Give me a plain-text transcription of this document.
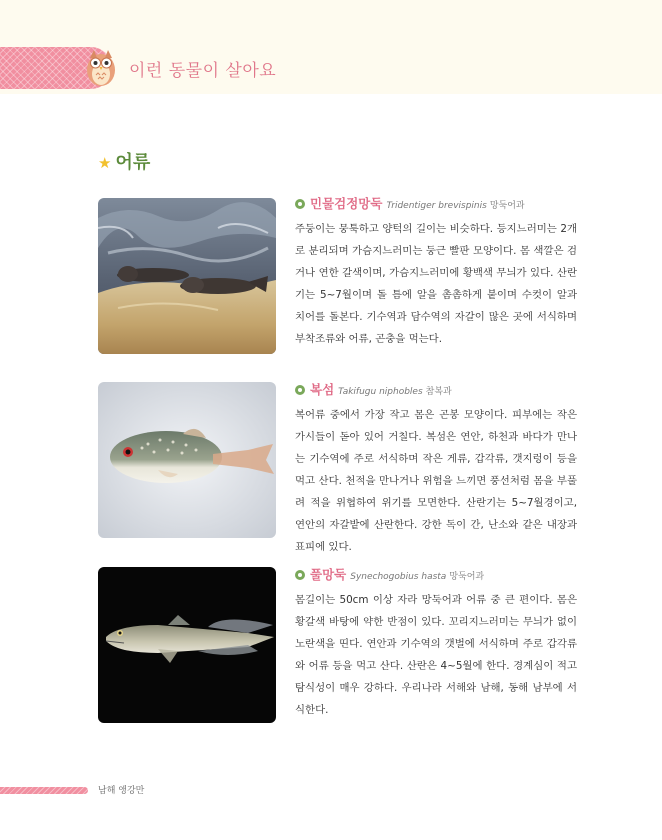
이런 동물이 살아요
★ 어류
민물검정망둑 Tridentiger brevispinis 망둑어과

주둥이는 뭉툭하고 양턱의 길이는 비슷하다. 등지느러미는 2개로 분리되며 가슴지느러미는 둥근 빨판 모양이다. 몸 색깔은 검거나 연한 갈색이며, 가슴지느러미에 황백색 무늬가 있다. 산란기는 5~7월이며 돌 틈에 알을 촘촘하게 붙이며 수컷이 알과 치어를 돌본다. 기수역과 담수역의 자갈이 많은 곳에 서식하며 부착조류와 어류, 곤충을 먹는다.

복섬 Takifugu niphobles 참복과

복어류 중에서 가장 작고 몸은 곤봉 모양이다. 피부에는 작은 가시들이 돋아 있어 거칠다. 복섬은 연안, 하천과 바다가 만나는 기수역에 주로 서식하며 작은 게류, 갑각류, 갯지렁이 등을 먹고 산다. 천적을 만나거나 위험을 느끼면 풍선처럼 몸을 부풀려 적을 위협하여 위기를 모면한다. 산란기는 5~7월경이고, 연안의 자갈밭에 산란한다. 강한 독이 간, 난소와 같은 내장과 표피에 있다.

풀망둑 Synechogobius hasta 망둑어과

몸길이는 50cm 이상 자라 망둑어과 어류 중 큰 편이다. 몸은 황갈색 바탕에 약한 반점이 있다. 꼬리지느러미는 무늬가 없이 노란색을 띤다. 연안과 기수역의 갯벌에 서식하며 주로 갑각류와 어류 등을 먹고 산다. 산란은 4~5월에 한다. 경계심이 적고 탐식성이 매우 강하다. 우리나라 서해와 남해, 동해 남부에 서식한다.

남해 앵강만
